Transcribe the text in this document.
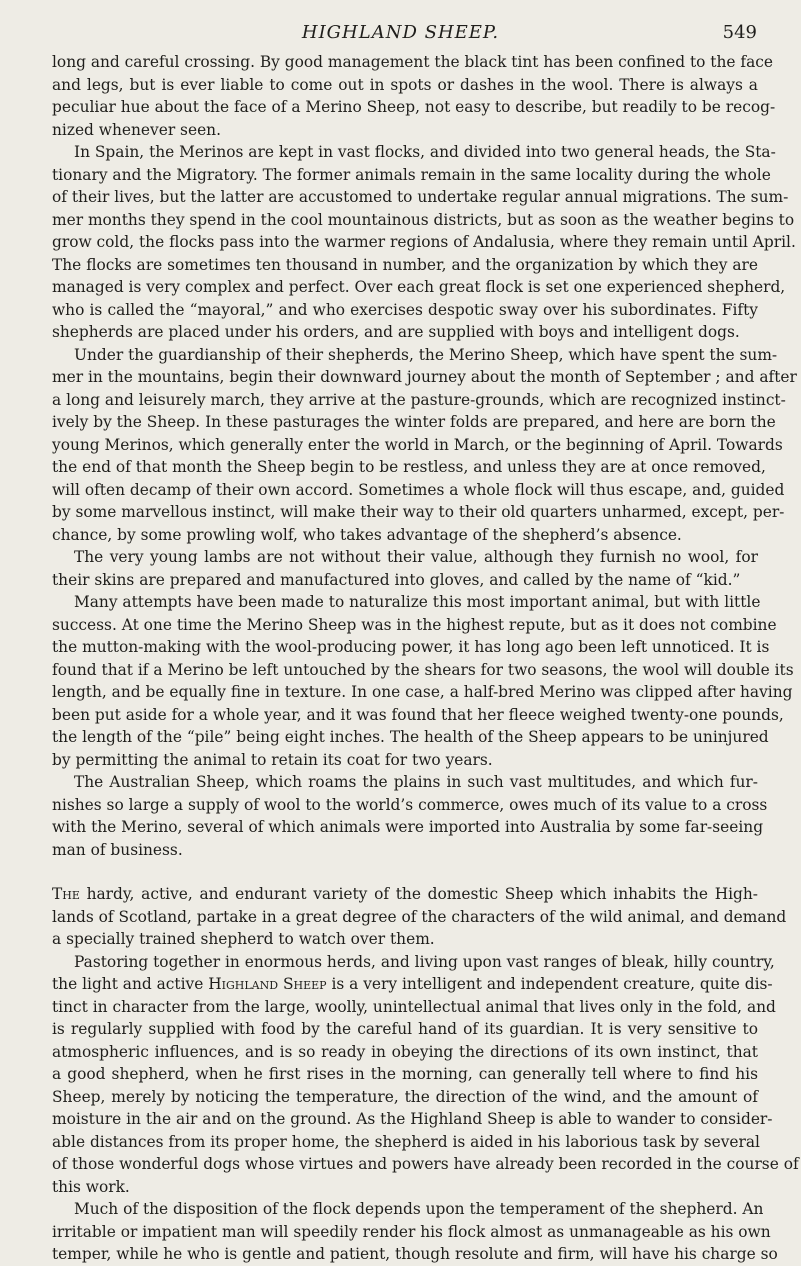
HIGHLAND SHEEP.	549
long and careful crossing. By good management the black tint has been confined to the face
and legs, but is ever liable to come out in spots or dashes in the wool. There is always a
peculiar hue about the face of a Merino Sheep, not easy to describe, but readily to be recog-
nized whenever seen.
In Spain, the Merinos are kept in vast flocks, and divided into two general heads, the Sta-
tionary and the Migratory. The former animals remain in the same locality during the whole
of their lives, but the latter are accustomed to undertake regular annual migrations. The sum-
mer months they spend in the cool mountainous districts, but as soon as the weather begins to
grow cold, the flocks pass into the warmer regions of Andalusia, where they remain until April.
The flocks are sometimes ten thousand in number, and the organization by which they are
managed is very complex and perfect. Over each great flock is set one experienced shepherd,
who is called the “mayoral,” and who exercises despotic sway over his subordinates. Fifty
shepherds are placed under his orders, and are supplied with boys and intelligent dogs.
Under the guardianship of their shepherds, the Merino Sheep, which have spent the sum-
mer in the mountains, begin their downward journey about the month of September ; and after
a long and leisurely march, they arrive at the pasture-grounds, which are recognized instinct-
ively by the Sheep. In these pasturages the winter folds are prepared, and here are born the
young Merinos, which generally enter the world in March, or the beginning of April. Towards
the end of that month the Sheep begin to be restless, and unless they are at once removed,
will often decamp of their own accord. Sometimes a whole flock will thus escape, and, guided
by some marvellous instinct, will make their way to their old quarters unharmed, except, per-
chance, by some prowling wolf, who takes advantage of the shepherd’s absence.
The very young lambs are not without their value, although they furnish no wool, for
their skins are prepared and manufactured into gloves, and called by the name of “kid.”
Many attempts have been made to naturalize this most important animal, but with little
success. At one time the Merino Sheep was in the highest repute, but as it does not combine
the mutton-making with the wool-producing power, it has long ago been left unnoticed. It is
found that if a Merino be left untouched by the shears for two seasons, the wool will double its
length, and be equally fine in texture. In one case, a half-bred Merino was clipped after having
been put aside for a whole year, and it was found that her fleece weighed twenty-one pounds,
the length of the “pile” being eight inches. The health of the Sheep appears to be uninjured
by permitting the animal to retain its coat for two years.
The Australian Sheep, which roams the plains in such vast multitudes, and which fur-
nishes so large a supply of wool to the world’s commerce, owes much of its value to a cross
with the Merino, several of which animals were imported into Australia by some far-seeing
man of business.
The hardy, active, and endurant variety of the domestic Sheep which inhabits the High-
lands of Scotland, partake in a great degree of the characters of the wild animal, and demand
a specially trained shepherd to watch over them.
Pastoring together in enormous herds, and living upon vast ranges of bleak, hilly country,
the light and active Highland Sheep is a very intelligent and independent creature, quite dis-
tinct in character from the large, woolly, unintellectual animal that lives only in the fold, and
is regularly supplied with food by the careful hand of its guardian. It is very sensitive to
atmospheric influences, and is so ready in obeying the directions of its own instinct, that
a good shepherd, when he first rises in the morning, can generally tell where to find his
Sheep, merely by noticing the temperature, the direction of the wind, and the amount of
moisture in the air and on the ground. As the Highland Sheep is able to wander to consider-
able distances from its proper home, the shepherd is aided in his laborious task by several
of those wonderful dogs whose virtues and powers have already been recorded in the course of
this work.
Much of the disposition of the flock depends upon the temperament of the shepherd. An
irritable or impatient man will speedily render his flock almost as unmanageable as his own
temper, while he who is gentle and patient, though resolute and firm, will have his charge so
